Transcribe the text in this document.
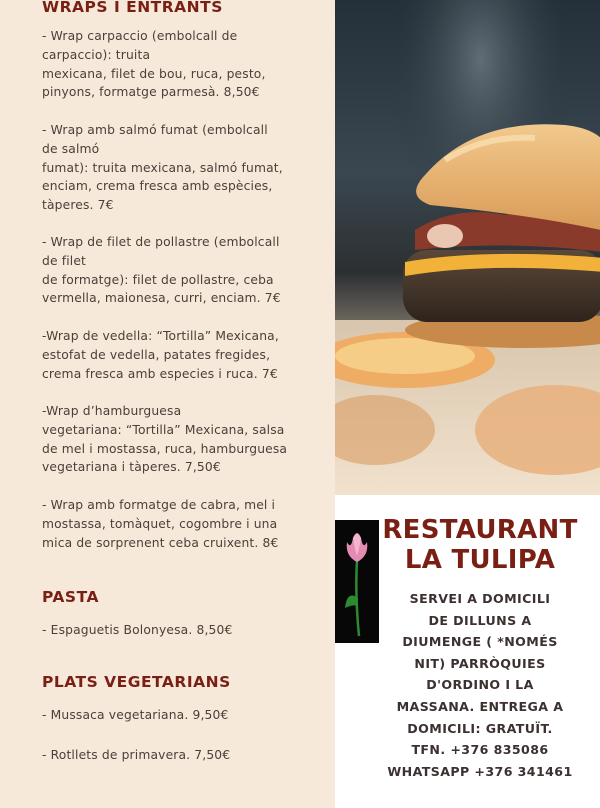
WRAPS I ENTRANTS
- Wrap carpaccio (embolcall de
carpaccio): truita
mexicana, filet de bou, ruca, pesto,
pinyons, formatge parmesà. 8,50€
- Wrap amb salmó fumat (embolcall
de salmó
fumat): truita mexicana, salmó fumat,
enciam, crema fresca amb espècies,
tàperes. 7€
- Wrap de filet de pollastre (embolcall
de filet
de formatge): filet de pollastre, ceba
vermella, maionesa, curri, enciam. 7€
-Wrap de vedella: “Tortilla” Mexicana,
estofat de vedella, patates fregides,
crema fresca amb especies i ruca. 7€
-Wrap d’hamburguesa
vegetariana: “Tortilla” Mexicana, salsa
de mel i mostassa, ruca, hamburguesa
vegetariana i tàperes. 7,50€
- Wrap amb formatge de cabra, mel i
mostassa, tomàquet, cogombre i una
mica de sorprenent ceba cruixent. 8€
PASTA
- Espaguetis Bolonyesa. 8,50€
PLATS VEGETARIANS
- Mussaca vegetariana. 9,50€
- Rotllets de primavera. 7,50€
RESTAURANT
LA TULIPA
SERVEI A DOMICILI
DE DILLUNS A
DIUMENGE ( *NOMÉS
NIT) PARRÒQUIES
D'ORDINO I LA
MASSANA. ENTREGA A
DOMICILI: GRATUÏT.
TFN. +376 835086
WHATSAPP +376 341461
